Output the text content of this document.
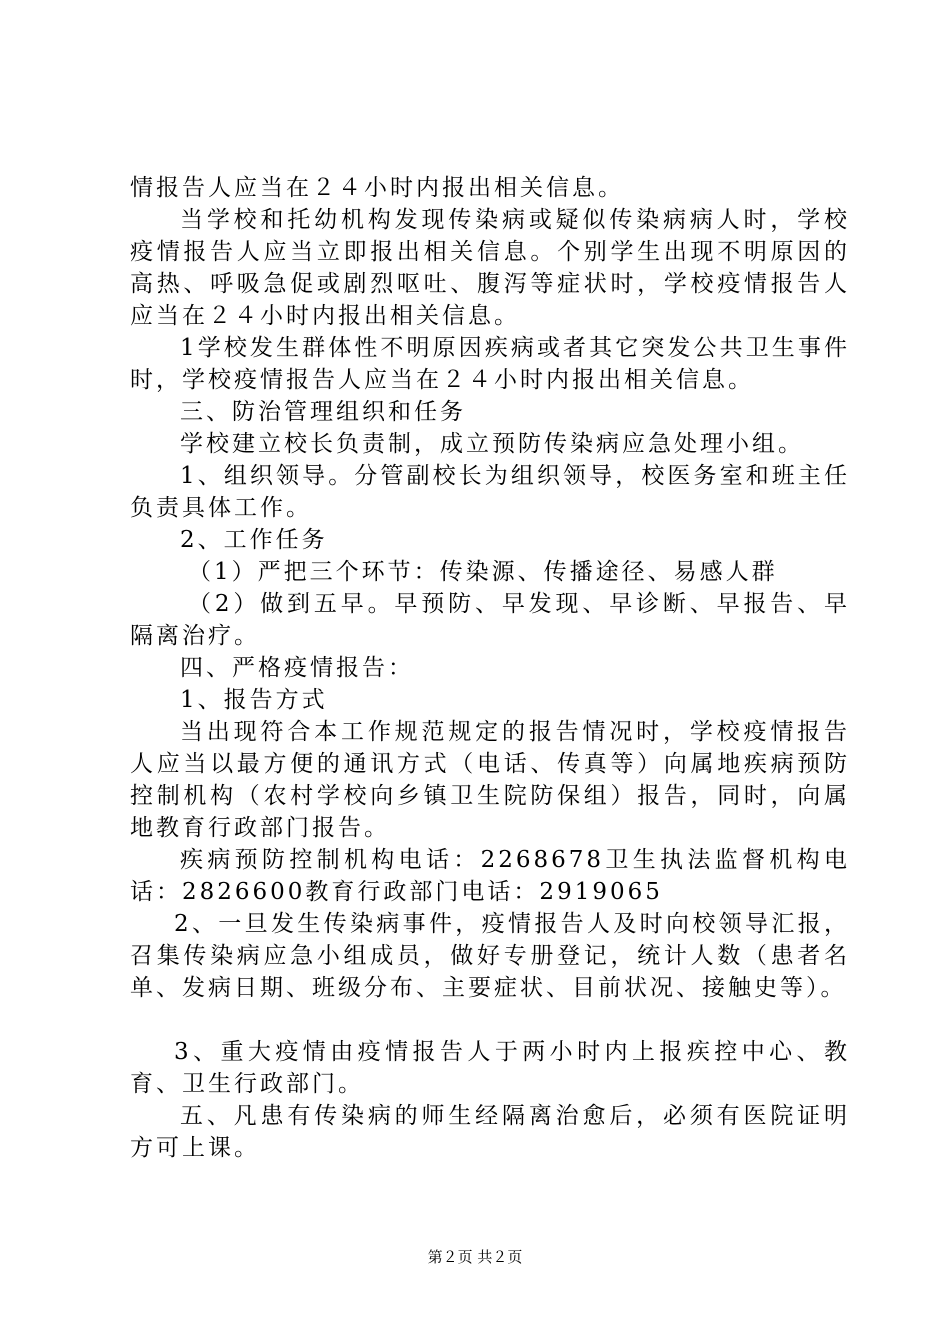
情报告人应当在２４小时内报出相关信息。

当学校和托幼机构发现传染病或疑似传染病病人时，学校疫情报告人应当立即报出相关信息。个别学生出现不明原因的高热、呼吸急促或剧烈呕吐、腹泻等症状时，学校疫情报告人应当在２４小时内报出相关信息。

1学校发生群体性不明原因疾病或者其它突发公共卫生事件时，学校疫情报告人应当在２４小时内报出相关信息。

三、防治管理组织和任务

学校建立校长负责制，成立预防传染病应急处理小组。

1、组织领导。分管副校长为组织领导，校医务室和班主任负责具体工作。

2、工作任务

（1）严把三个环节：传染源、传播途径、易感人群

（2）做到五早。早预防、早发现、早诊断、早报告、早隔离治疗。

四、严格疫情报告：

1、报告方式

当出现符合本工作规范规定的报告情况时，学校疫情报告人应当以最方便的通讯方式（电话、传真等）向属地疾病预防控制机构（农村学校向乡镇卫生院防保组）报告，同时，向属地教育行政部门报告。

疾病预防控制机构电话：2268678卫生执法监督机构电话：2826600教育行政部门电话：2919065

2、一旦发生传染病事件，疫情报告人及时向校领导汇报，召集传染病应急小组成员，做好专册登记，统计人数（患者名单、发病日期、班级分布、主要症状、目前状况、接触史等）。

3、重大疫情由疫情报告人于两小时内上报疾控中心、教育、卫生行政部门。

五、凡患有传染病的师生经隔离治愈后，必须有医院证明方可上课。

第２页 共２页
